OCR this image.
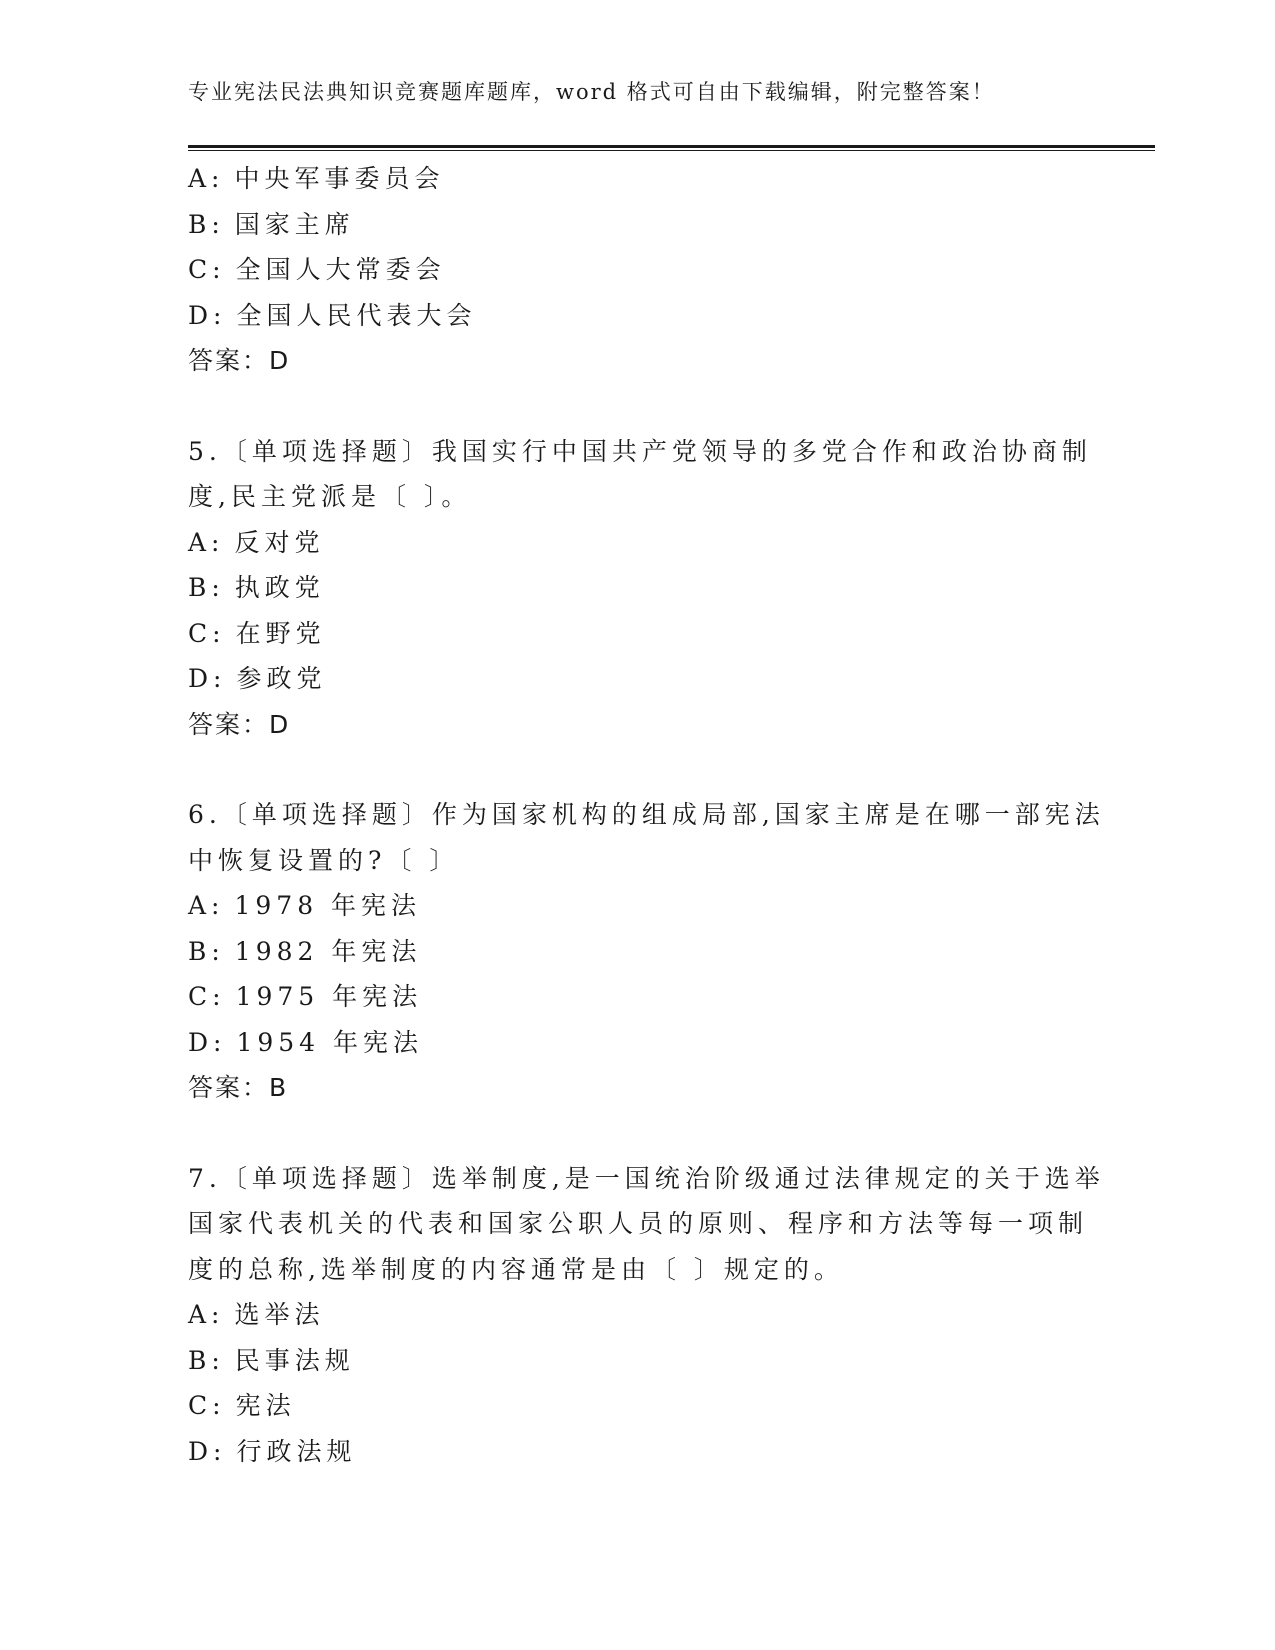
专业宪法民法典知识竞赛题库题库，word 格式可自由下载编辑，附完整答案！
A: 中央军事委员会
B: 国家主席
C: 全国人大常委会
D: 全国人民代表大会
答案：D
5.〔单项选择题〕我国实行中国共产党领导的多党合作和政治协商制
度,民主党派是〔 〕。
A: 反对党
B: 执政党
C: 在野党
D: 参政党
答案：D
6.〔单项选择题〕作为国家机构的组成局部,国家主席是在哪一部宪法
中恢复设置的?〔 〕
A: 1978 年宪法
B: 1982 年宪法
C: 1975 年宪法
D: 1954 年宪法
答案：B
7.〔单项选择题〕选举制度,是一国统治阶级通过法律规定的关于选举
国家代表机关的代表和国家公职人员的原则、程序和方法等每一项制
度的总称,选举制度的内容通常是由〔 〕规定的。
A: 选举法
B: 民事法规
C: 宪法
D: 行政法规
